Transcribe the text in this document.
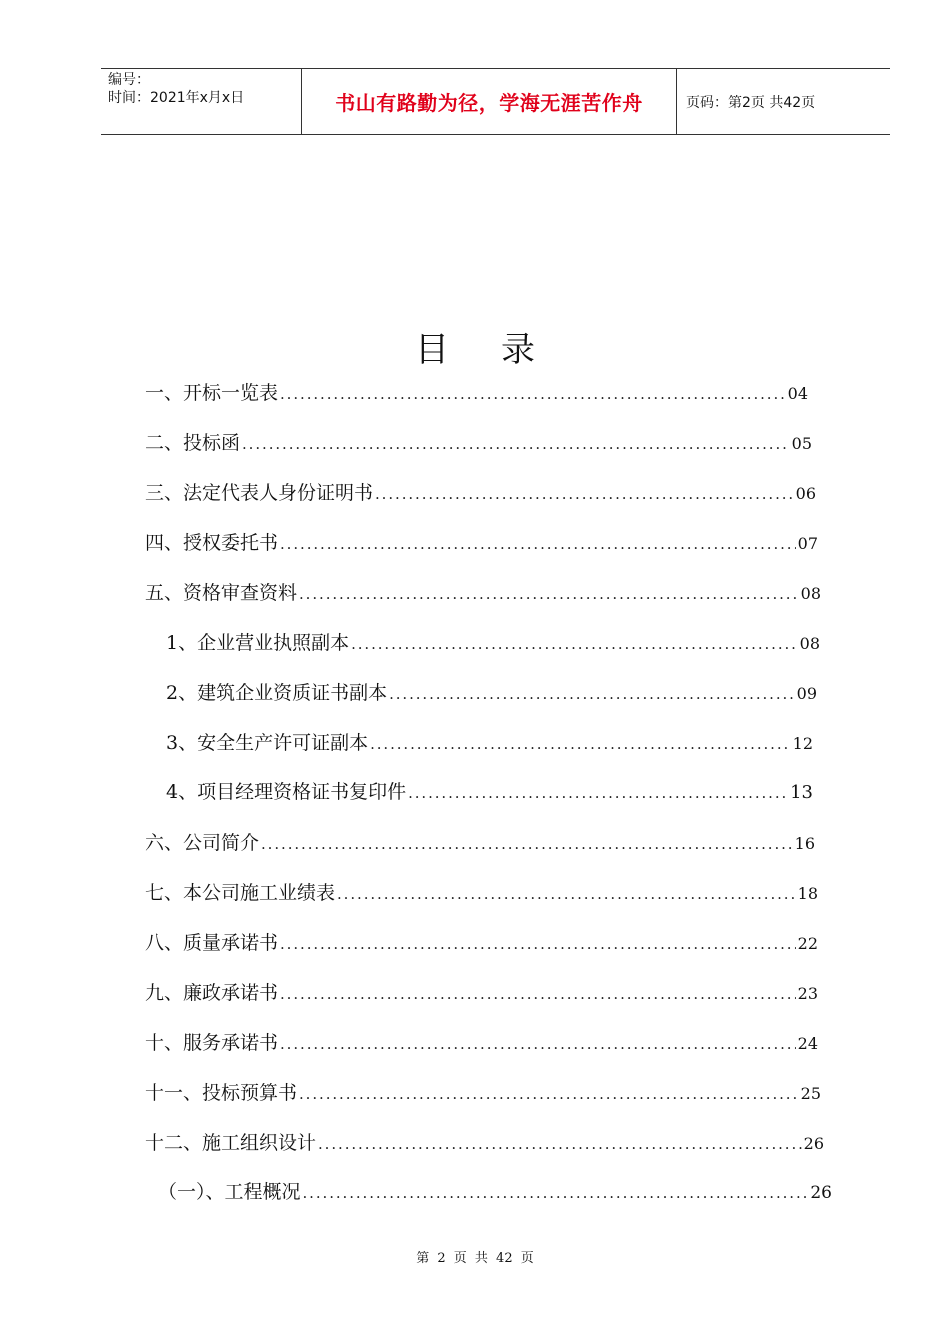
编号：
时间：2021年x月x日	书山有路勤为径，学海无涯苦作舟	页码：第2页 共42页
目 录
一、开标一览表 .....	04
二、投标函 .....	05
三、法定代表人身份证明书 .....	06
四、授权委托书 .....	07
五、资格审查资料 .....	08
1、企业营业执照副本 .....	08
2、建筑企业资质证书副本 .....	09
3、安全生产许可证副本 .....	12
4、项目经理资格证书复印件 .....	13
六、公司简介 .....	16
七、本公司施工业绩表 .....	18
八、质量承诺书 .....	22
九、廉政承诺书 .....	23
十、服务承诺书 .....	24
十一、投标预算书 .....	25
十二、施工组织设计 .....	26
（一）、工程概况 .....	26
第 2 页 共 42 页
